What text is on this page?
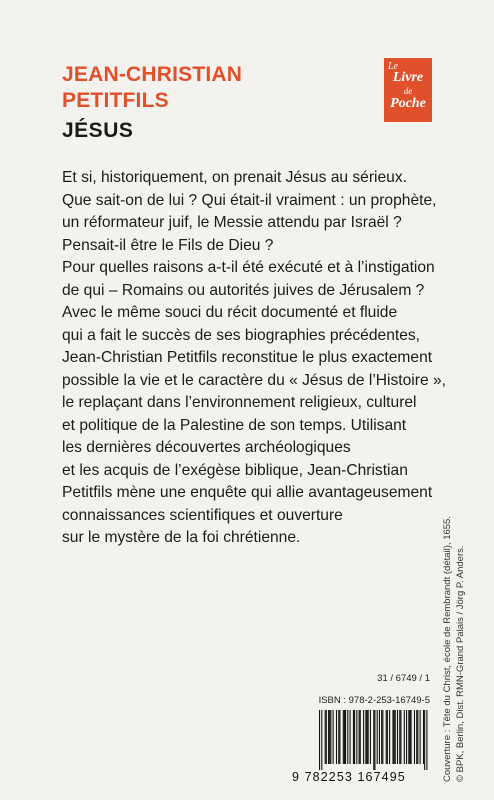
JEAN-CHRISTIAN
PETITFILS
JÉSUS
Le
Livre
de
Poche
Et si, historiquement, on prenait Jésus au sérieux.
Que sait-on de lui ? Qui était-il vraiment : un prophète,
un réformateur juif, le Messie attendu par Israël ?
Pensait-il être le Fils de Dieu ?
Pour quelles raisons a-t-il été exécuté et à l’instigation
de qui – Romains ou autorités juives de Jérusalem ?
Avec le même souci du récit documenté et fluide
qui a fait le succès de ses biographies précédentes,
Jean-Christian Petitfils reconstitue le plus exactement
possible la vie et le caractère du « Jésus de l’Histoire »,
le replaçant dans l’environnement religieux, culturel
et politique de la Palestine de son temps. Utilisant
les dernières découvertes archéologiques
et les acquis de l’exégèse biblique, Jean-Christian
Petitfils mène une enquête qui allie avantageusement
connaissances scientifiques et ouverture
sur le mystère de la foi chrétienne.	Couverture : Tête du Christ, école de Rembrandt (détail), 1655. © BPK, Berlin, Dist. RMN-Grand Palais / Jörg P. Anders.
31 / 6749 / 1
ISBN : 978-2-253-16749-5
9 782253 167495
